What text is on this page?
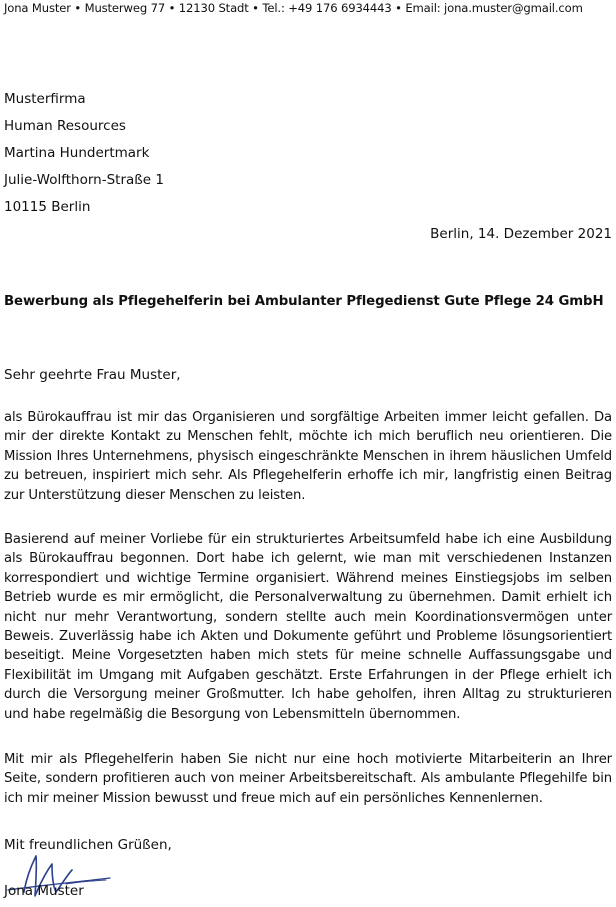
Jona Muster • Musterweg 77 • 12130 Stadt • Tel.: +49 176 6934443 • Email: jona.muster@gmail.com
Musterfirma
Human Resources
Martina Hundertmark
Julie-Wolfthorn-Straße 1
10115 Berlin
Berlin, 14. Dezember 2021
Bewerbung als Pflegehelferin bei Ambulanter Pflegedienst Gute Pflege 24 GmbH
Sehr geehrte Frau Muster,
als Bürokauffrau ist mir das Organisieren und sorgfältige Arbeiten immer leicht gefallen. Da mir der direkte Kontakt zu Menschen fehlt, möchte ich mich beruflich neu orientieren. Die Mission Ihres Unternehmens, physisch eingeschränkte Menschen in ihrem häuslichen Umfeld zu betreuen, inspiriert mich sehr. Als Pflegehelferin erhoffe ich mir, langfristig einen Beitrag zur Unterstützung dieser Menschen zu leisten.
Basierend auf meiner Vorliebe für ein strukturiertes Arbeitsumfeld habe ich eine Ausbildung als Bürokauffrau begonnen. Dort habe ich gelernt, wie man mit verschiedenen Instanzen korrespondiert und wichtige Termine organisiert. Während meines Einstiegsjobs im selben Betrieb wurde es mir ermöglicht, die Personalverwaltung zu übernehmen. Damit erhielt ich nicht nur mehr Verantwortung, sondern stellte auch mein Koordinationsvermögen unter Beweis. Zuverlässig habe ich Akten und Dokumente geführt und Probleme lösungsorientiert beseitigt. Meine Vorgesetzten haben mich stets für meine schnelle Auffassungsgabe und Flexibilität im Umgang mit Aufgaben geschätzt. Erste Erfahrungen in der Pflege erhielt ich durch die Versorgung meiner Großmutter. Ich habe geholfen, ihren Alltag zu strukturieren und habe regelmäßig die Besorgung von Lebensmitteln übernommen.
Mit mir als Pflegehelferin haben Sie nicht nur eine hoch motivierte Mitarbeiterin an Ihrer Seite, sondern profitieren auch von meiner Arbeitsbereitschaft. Als ambulante Pflegehilfe bin ich mir meiner Mission bewusst und freue mich auf ein persönliches Kennenlernen.
Mit freundlichen Grüßen,
Jona Muster
